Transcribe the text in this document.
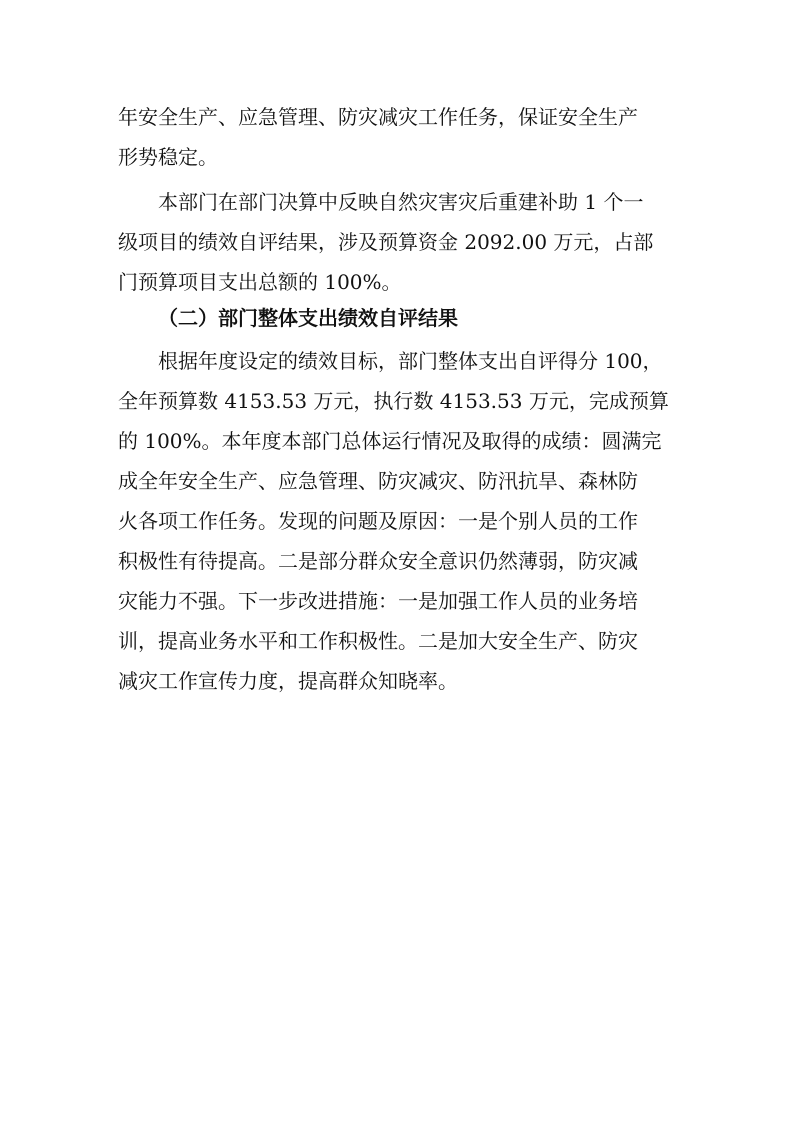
年安全生产、应急管理、防灾减灾工作任务，保证安全生产
形势稳定。
本部门在部门决算中反映自然灾害灾后重建补助 1 个一
级项目的绩效自评结果，涉及预算资金 2092.00 万元，占部
门预算项目支出总额的 100%。
（二）部门整体支出绩效自评结果
根据年度设定的绩效目标，部门整体支出自评得分 100，
全年预算数 4153.53 万元，执行数 4153.53 万元，完成预算
的 100%。本年度本部门总体运行情况及取得的成绩：圆满完
成全年安全生产、应急管理、防灾减灾、防汛抗旱、森林防
火各项工作任务。发现的问题及原因：一是个别人员的工作
积极性有待提高。二是部分群众安全意识仍然薄弱，防灾减
灾能力不强。下一步改进措施：一是加强工作人员的业务培
训，提高业务水平和工作积极性。二是加大安全生产、防灾
减灾工作宣传力度，提高群众知晓率。
